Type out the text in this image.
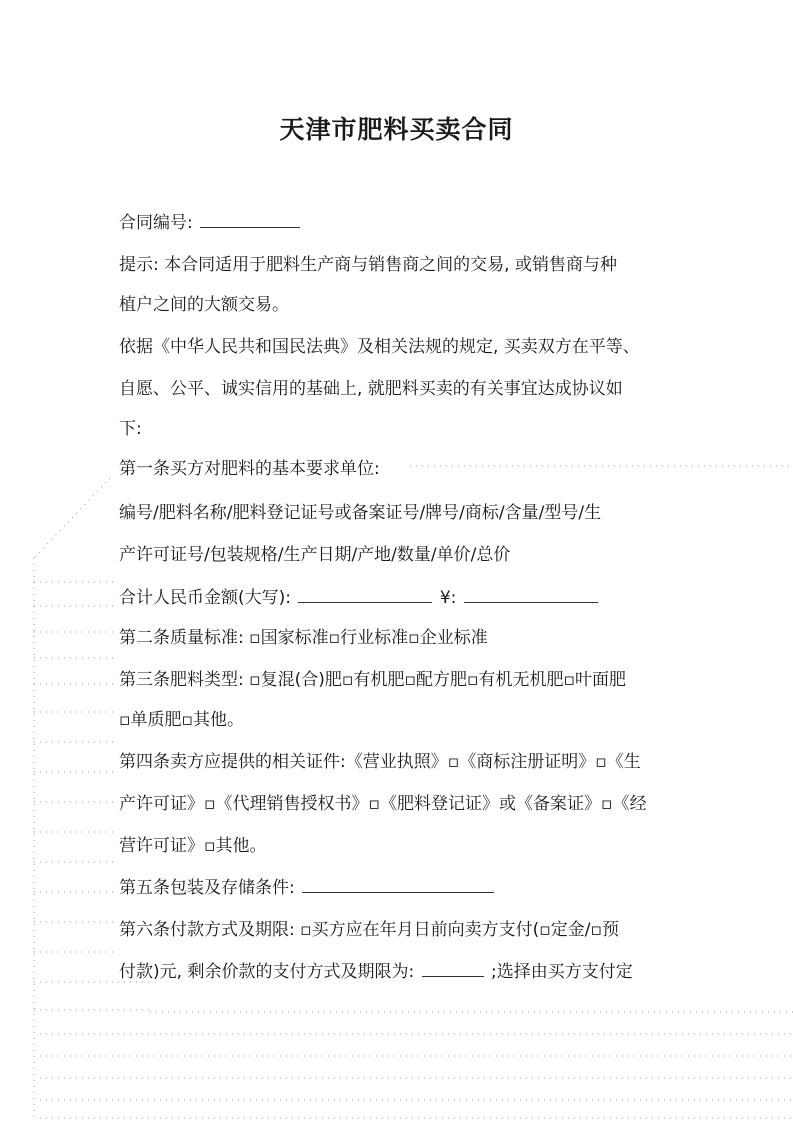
天津市肥料买卖合同
合同编号:
提示: 本合同适用于肥料生产商与销售商之间的交易, 或销售商与种
植户之间的大额交易。
依据《中华人民共和国民法典》及相关法规的规定, 买卖双方在平等、
自愿、公平、诚实信用的基础上, 就肥料买卖的有关事宜达成协议如
下:
第一条买方对肥料的基本要求单位:
编号/肥料名称/肥料登记证号或备案证号/牌号/商标/含量/型号/生
产许可证号/包装规格/生产日期/产地/数量/单价/总价
合计人民币金额(大写):	¥:
第二条质量标准: ▫国家标准▫行业标准▫企业标准
第三条肥料类型: ▫复混(合)肥▫有机肥▫配方肥▫有机无机肥▫叶面肥
▫单质肥▫其他。
第四条卖方应提供的相关证件:《营业执照》▫《商标注册证明》▫《生
产许可证》▫《代理销售授权书》▫《肥料登记证》或《备案证》▫《经
营许可证》▫其他。
第五条包装及存储条件:
第六条付款方式及期限: ▫买方应在年月日前向卖方支付(▫定金/▫预
付款)元, 剩余价款的支付方式及期限为:	;选择由买方支付定
